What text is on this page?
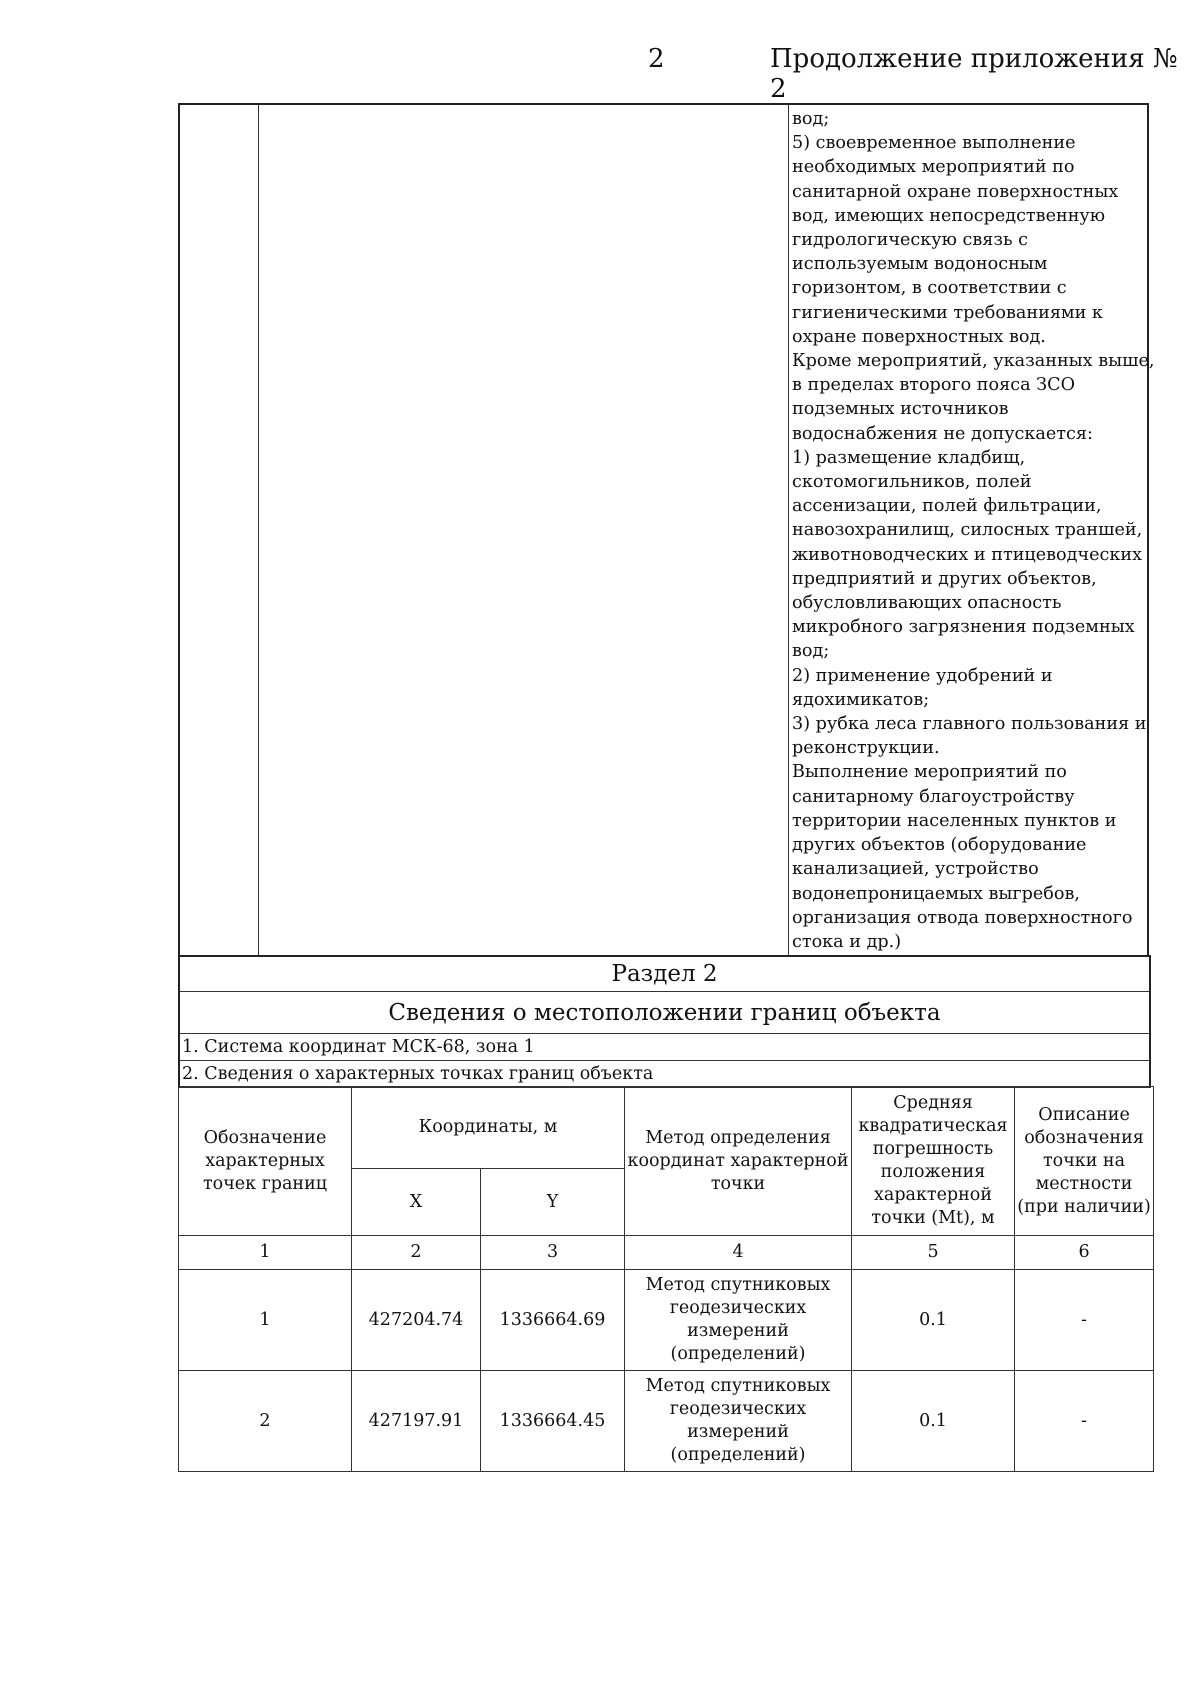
2	Продолжение приложения № 2
вод;
5) своевременное выполнение
необходимых мероприятий по
санитарной охране поверхностных
вод, имеющих непосредственную
гидрологическую связь с
используемым водоносным
горизонтом, в соответствии с
гигиеническими требованиями к
охране поверхностных вод.
Кроме мероприятий, указанных выше,
в пределах второго пояса ЗСО
подземных источников
водоснабжения не допускается:
1) размещение кладбищ,
скотомогильников, полей
ассенизации, полей фильтрации,
навозохранилищ, силосных траншей,
животноводческих и птицеводческих
предприятий и других объектов,
обусловливающих опасность
микробного загрязнения подземных
вод;
2) применение удобрений и
ядохимикатов;
3) рубка леса главного пользования и
реконструкции.
Выполнение мероприятий по
санитарному благоустройству
территории населенных пунктов и
других объектов (оборудование
канализацией, устройство
водонепроницаемых выгребов,
организация отвода поверхностного
стока и др.)
Раздел 2
Сведения о местоположении границ объекта
1. Система координат МСК-68, зона 1
2. Сведения о характерных точках границ объекта
Обозначение характерных точек границ	Координаты, м		Метод определения координат характерной точки	Средняя квадратическая погрешность положения характерной точки (Mt), м	Описание обозначения точки на местности (при наличии)
	X	Y			
1	2	3	4	5	6
1	427204.74	1336664.69	Метод спутниковых геодезических измерений (определений)	0.1	-
2	427197.91	1336664.45	Метод спутниковых геодезических измерений (определений)	0.1	-
